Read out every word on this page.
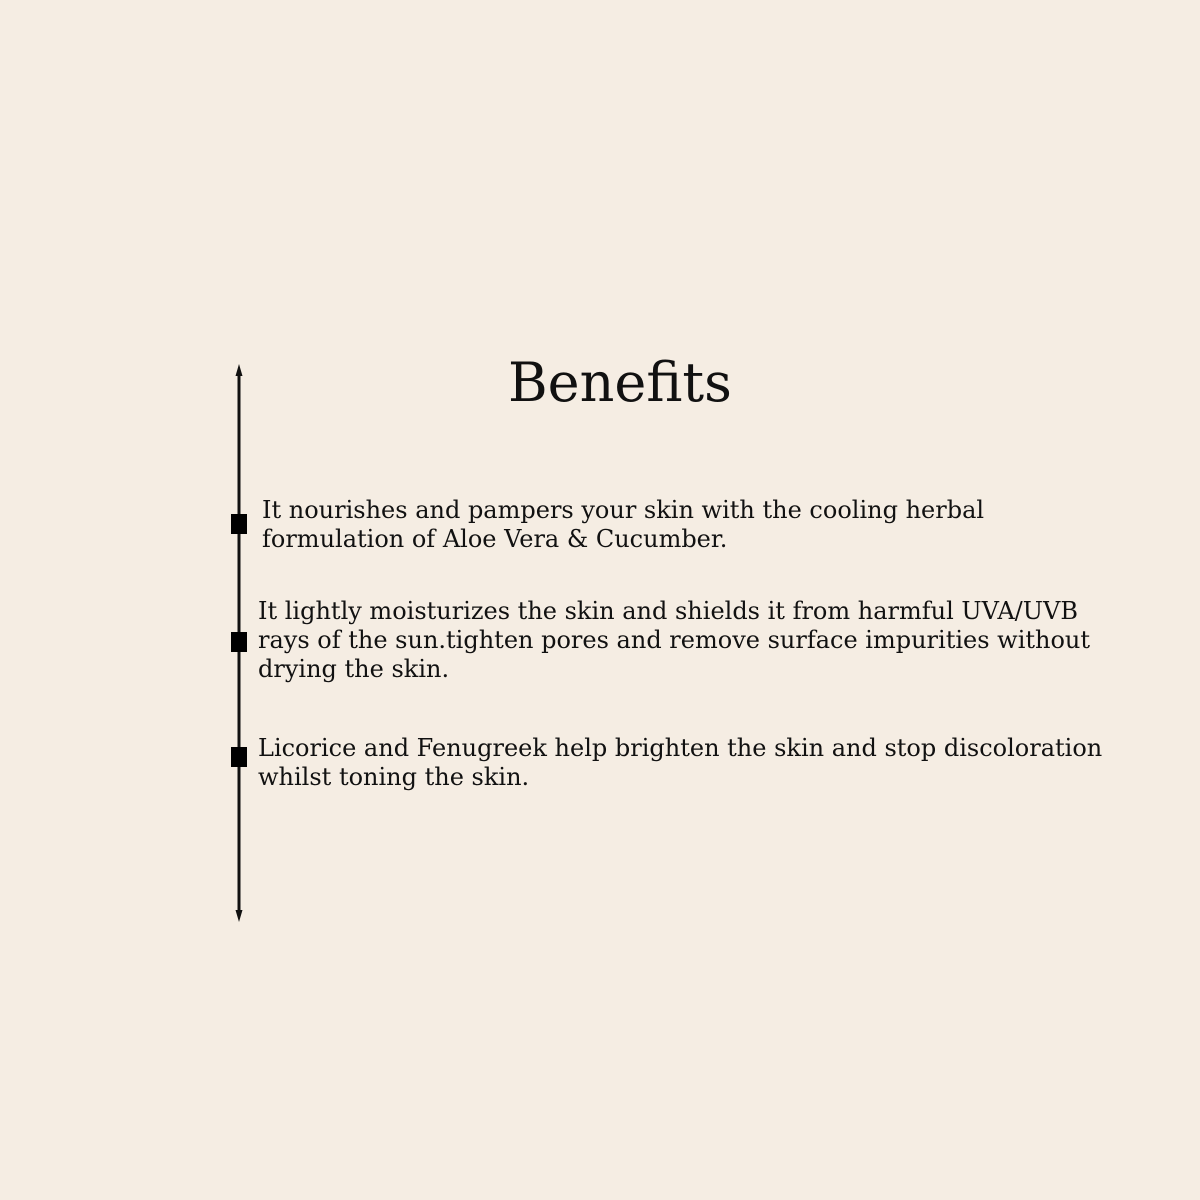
Benefits

It nourishes and pampers your skin with the cooling herbal
formulation of Aloe Vera & Cucumber.

It lightly moisturizes the skin and shields it from harmful UVA/UVB
rays of the sun.tighten pores and remove surface impurities without
drying the skin.

Licorice and Fenugreek help brighten the skin and stop discoloration
whilst toning the skin.
